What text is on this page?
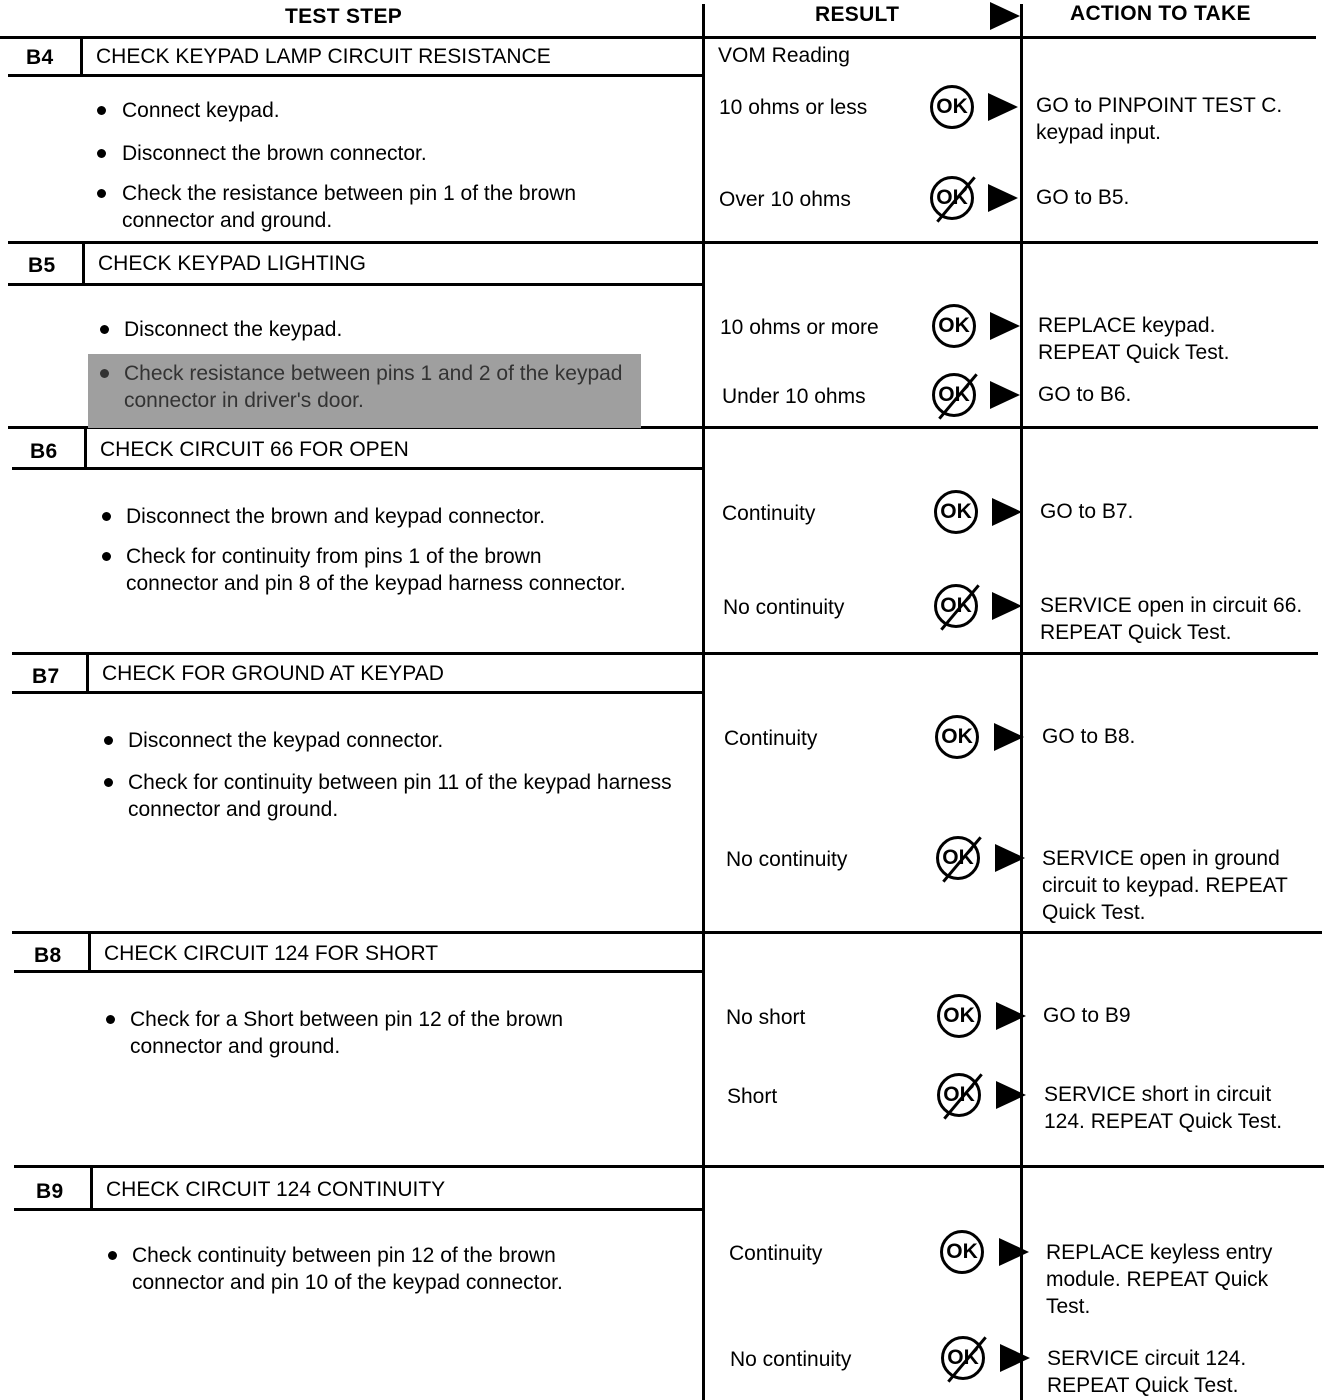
TEST STEP	RESULT	ACTION TO TAKE
B4 CHECK KEYPAD LAMP CIRCUIT RESISTANCE	VOM Reading
Connect keypad.
Disconnect the brown connector.
Check the resistance between pin 1 of the brown connector and ground.
10 ohms or less	OK	GO to PINPOINT TEST C. keypad input.
Over 10 ohms	OK	GO to B5.
B5 CHECK KEYPAD LIGHTING
Disconnect the keypad.
Check resistance between pins 1 and 2 of the keypad connector in driver's door.
10 ohms or more	OK	REPLACE keypad. REPEAT Quick Test.
Under 10 ohms	OK	GO to B6.
B6 CHECK CIRCUIT 66 FOR OPEN
Disconnect the brown and keypad connector.
Check for continuity from pins 1 of the brown connector and pin 8 of the keypad harness connector.
Continuity	OK	GO to B7.
No continuity	OK	SERVICE open in circuit 66. REPEAT Quick Test.
B7 CHECK FOR GROUND AT KEYPAD
Disconnect the keypad connector.
Check for continuity between pin 11 of the keypad harness connector and ground.
Continuity	OK	GO to B8.
No continuity	OK	SERVICE open in ground circuit to keypad. REPEAT Quick Test.
B8 CHECK CIRCUIT 124 FOR SHORT
Check for a Short between pin 12 of the brown connector and ground.
No short	OK	GO to B9
Short	OK	SERVICE short in circuit 124. REPEAT Quick Test.
B9 CHECK CIRCUIT 124 CONTINUITY
Check continuity between pin 12 of the brown connector and pin 10 of the keypad connector.
Continuity	OK	REPLACE keyless entry module. REPEAT Quick Test.
No continuity	OK	SERVICE circuit 124. REPEAT Quick Test.
